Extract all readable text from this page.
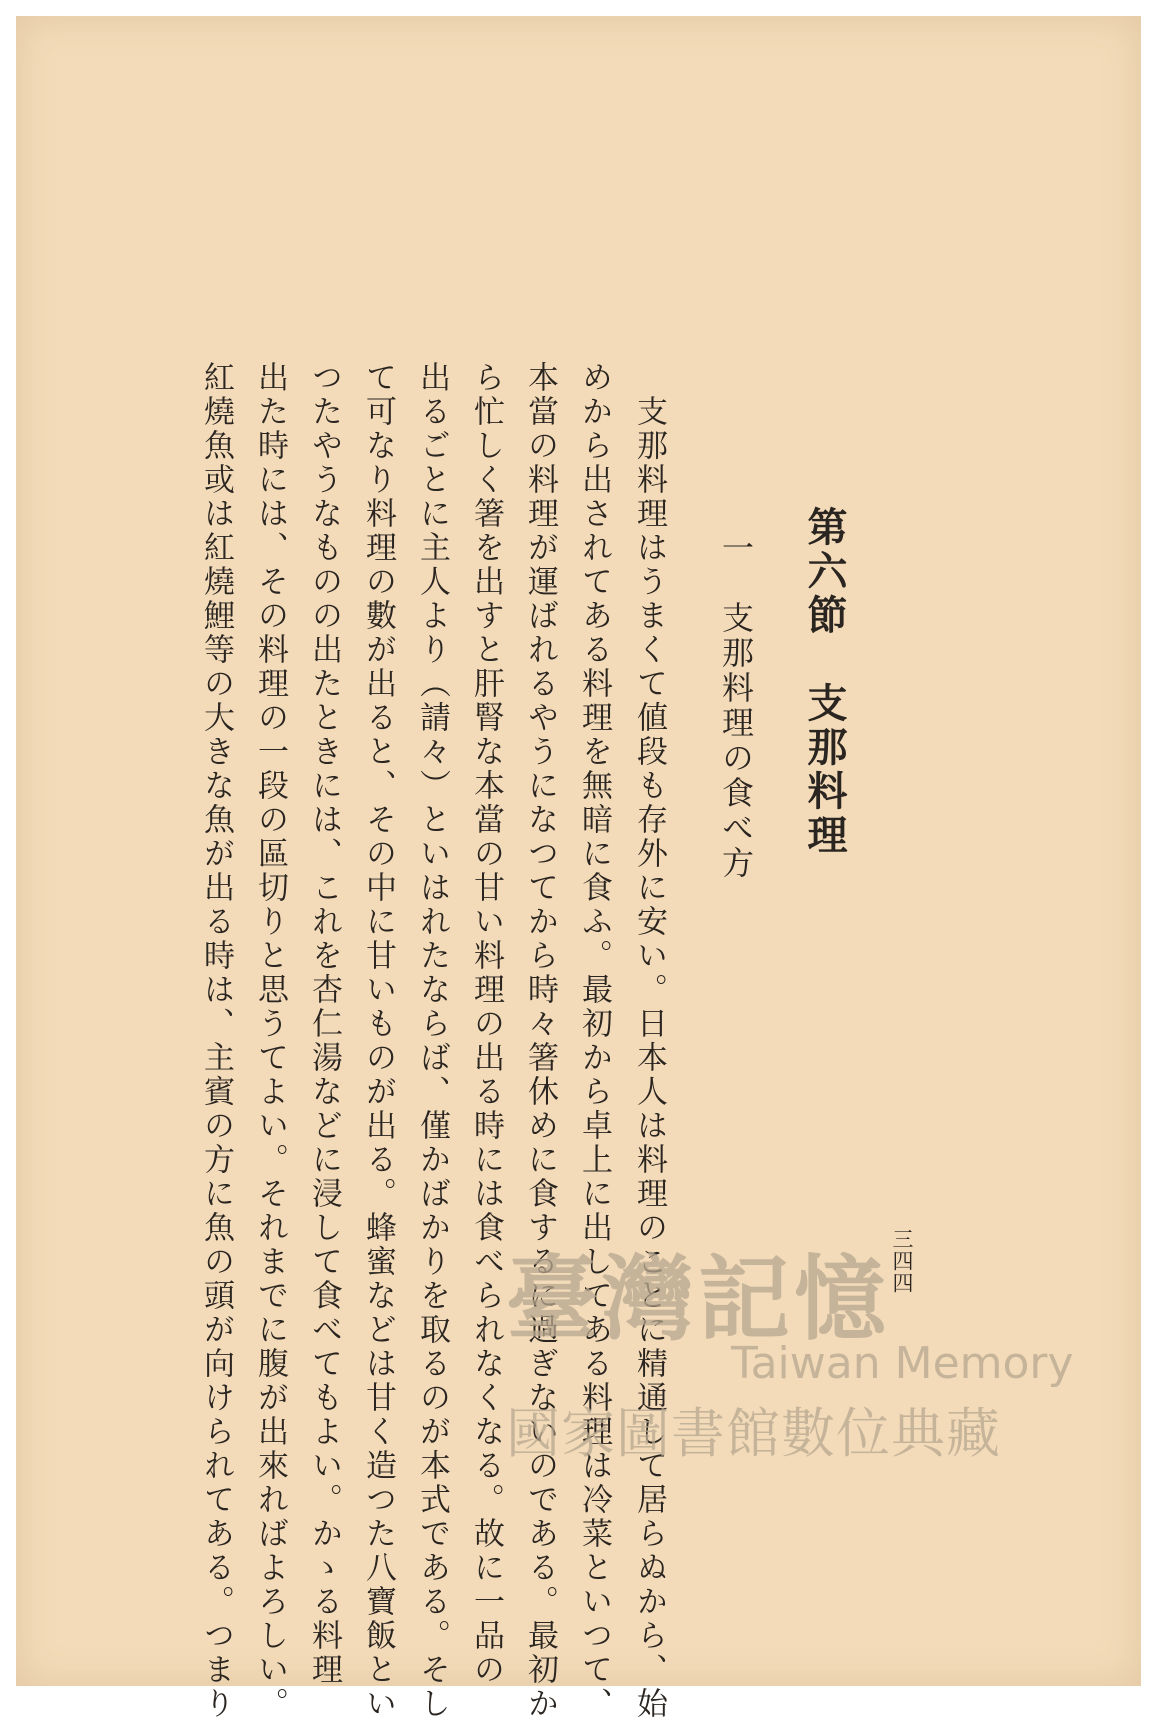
第六節　支那料理
一　支那料理の食べ方
　支那料理はうまくて値段も存外に安い。日本人は料理のことに精通して居らぬから、始
めから出されてある料理を無暗に食ふ。最初から卓上に出してある料理は冷菜といつて、
本當の料理が運ばれるやうになつてから時々箸休めに食するに過ぎないのである。最初か
ら忙しく箸を出すと肝腎な本當の甘い料理の出る時には食べられなくなる。故に一品の
出るごとに主人より（請々）といはれたならば、僅かばかりを取るのが本式である。そし
て可なり料理の數が出ると、その中に甘いものが出る。蜂蜜などは甘く造つた八寶飯とい
つたやうなものの出たときには、これを杏仁湯などに浸して食べてもよい。かゝる料理
出た時には、その料理の一段の區切りと思うてよい。それまでに腹が出來ればよろしい。
紅燒魚或は紅燒鯉等の大きな魚が出る時は、主賓の方に魚の頭が向けられてある。つまり	三四四
臺灣記憶
Taiwan Memory
國家圖書館數位典藏
